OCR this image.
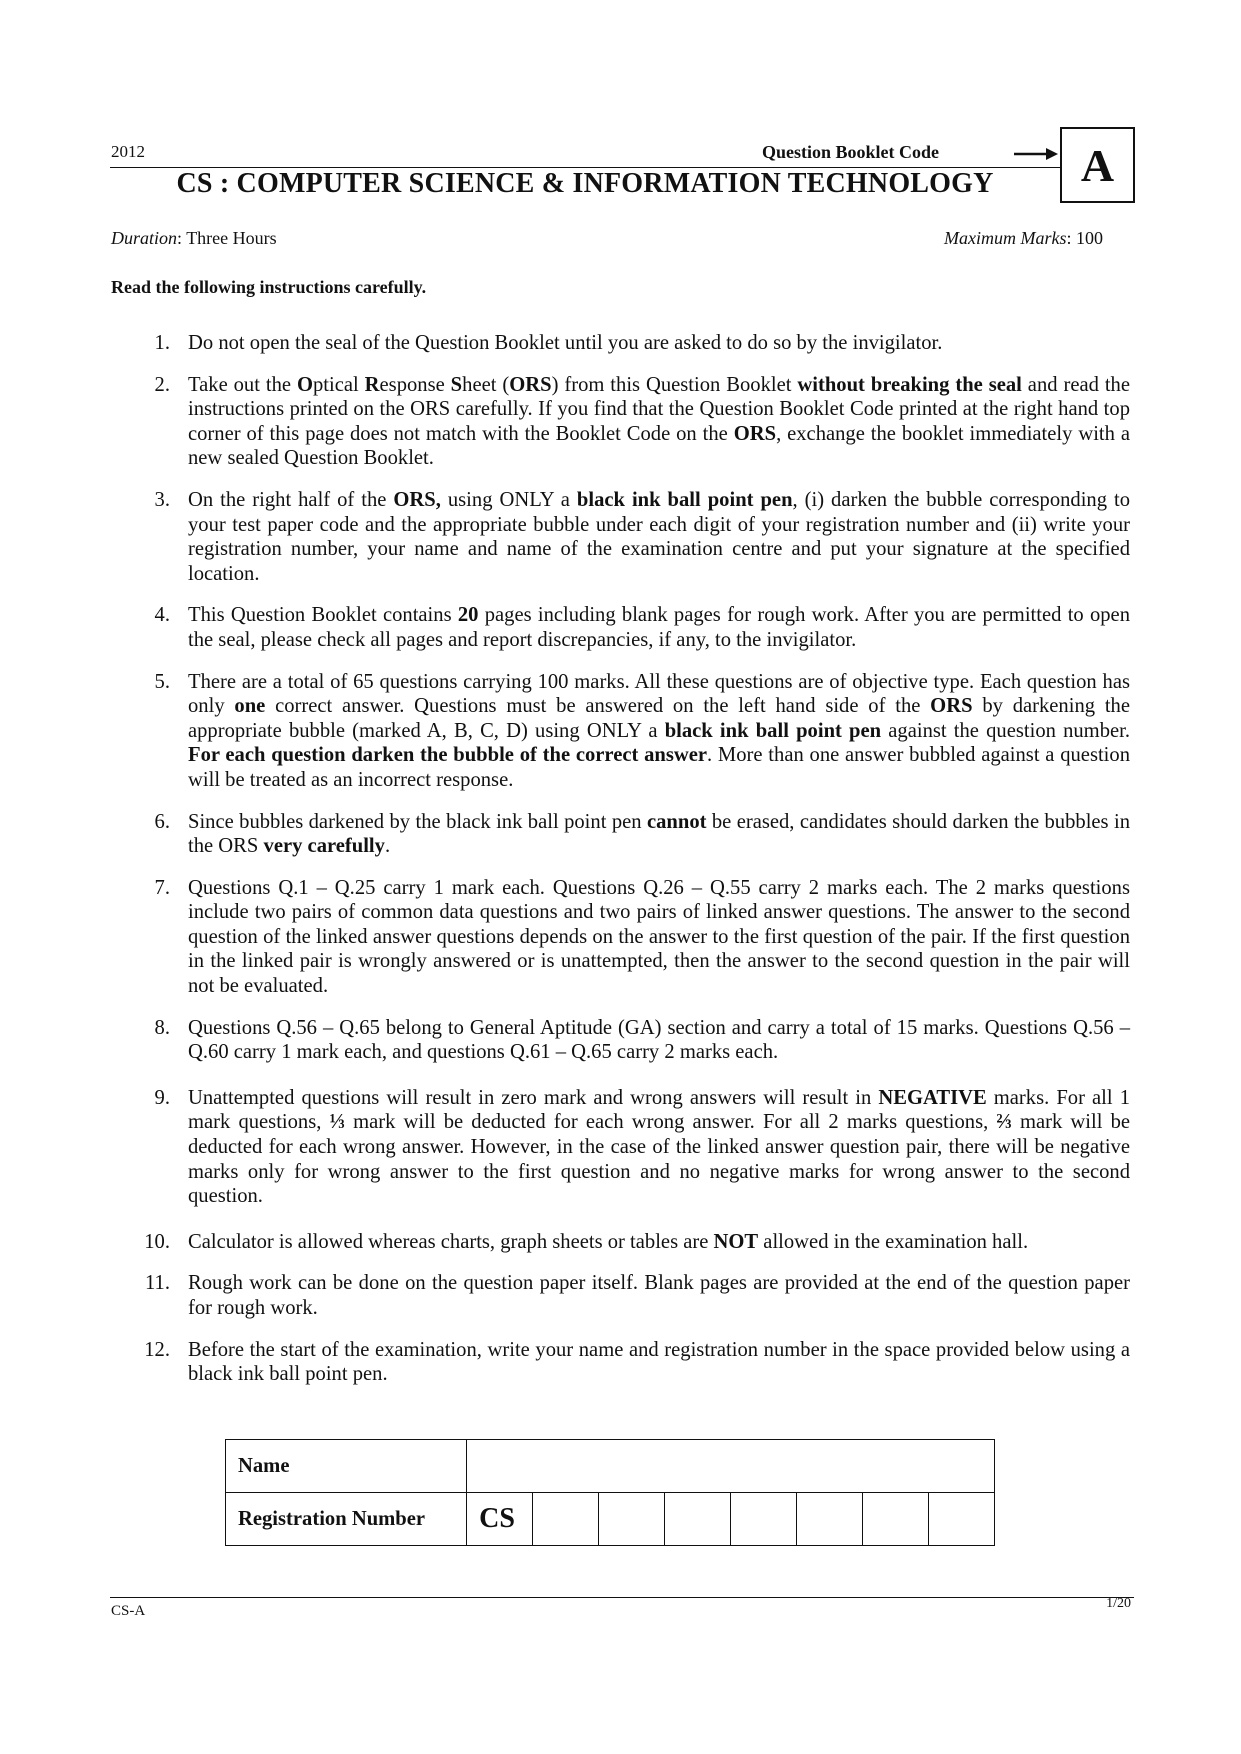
2012	Question Booklet Code	A
CS : COMPUTER SCIENCE & INFORMATION TECHNOLOGY
Duration: Three Hours	Maximum Marks: 100
Read the following instructions carefully.
1. Do not open the seal of the Question Booklet until you are asked to do so by the invigilator.
2. Take out the Optical Response Sheet (ORS) from this Question Booklet without breaking the seal and read the instructions printed on the ORS carefully. If you find that the Question Booklet Code printed at the right hand top corner of this page does not match with the Booklet Code on the ORS, exchange the booklet immediately with a new sealed Question Booklet.
3. On the right half of the ORS, using ONLY a black ink ball point pen, (i) darken the bubble corresponding to your test paper code and the appropriate bubble under each digit of your registration number and (ii) write your registration number, your name and name of the examination centre and put your signature at the specified location.
4. This Question Booklet contains 20 pages including blank pages for rough work. After you are permitted to open the seal, please check all pages and report discrepancies, if any, to the invigilator.
5. There are a total of 65 questions carrying 100 marks. All these questions are of objective type. Each question has only one correct answer. Questions must be answered on the left hand side of the ORS by darkening the appropriate bubble (marked A, B, C, D) using ONLY a black ink ball point pen against the question number. For each question darken the bubble of the correct answer. More than one answer bubbled against a question will be treated as an incorrect response.
6. Since bubbles darkened by the black ink ball point pen cannot be erased, candidates should darken the bubbles in the ORS very carefully.
7. Questions Q.1 – Q.25 carry 1 mark each. Questions Q.26 – Q.55 carry 2 marks each. The 2 marks questions include two pairs of common data questions and two pairs of linked answer questions. The answer to the second question of the linked answer questions depends on the answer to the first question of the pair. If the first question in the linked pair is wrongly answered or is unattempted, then the answer to the second question in the pair will not be evaluated.
8. Questions Q.56 – Q.65 belong to General Aptitude (GA) section and carry a total of 15 marks. Questions Q.56 – Q.60 carry 1 mark each, and questions Q.61 – Q.65 carry 2 marks each.
9. Unattempted questions will result in zero mark and wrong answers will result in NEGATIVE marks. For all 1 mark questions, ⅓ mark will be deducted for each wrong answer. For all 2 marks questions, ⅔ mark will be deducted for each wrong answer. However, in the case of the linked answer question pair, there will be negative marks only for wrong answer to the first question and no negative marks for wrong answer to the second question.
10. Calculator is allowed whereas charts, graph sheets or tables are NOT allowed in the examination hall.
11. Rough work can be done on the question paper itself. Blank pages are provided at the end of the question paper for rough work.
12. Before the start of the examination, write your name and registration number in the space provided below using a black ink ball point pen.
Name								
Registration Number	CS							
CS-A	1/20
